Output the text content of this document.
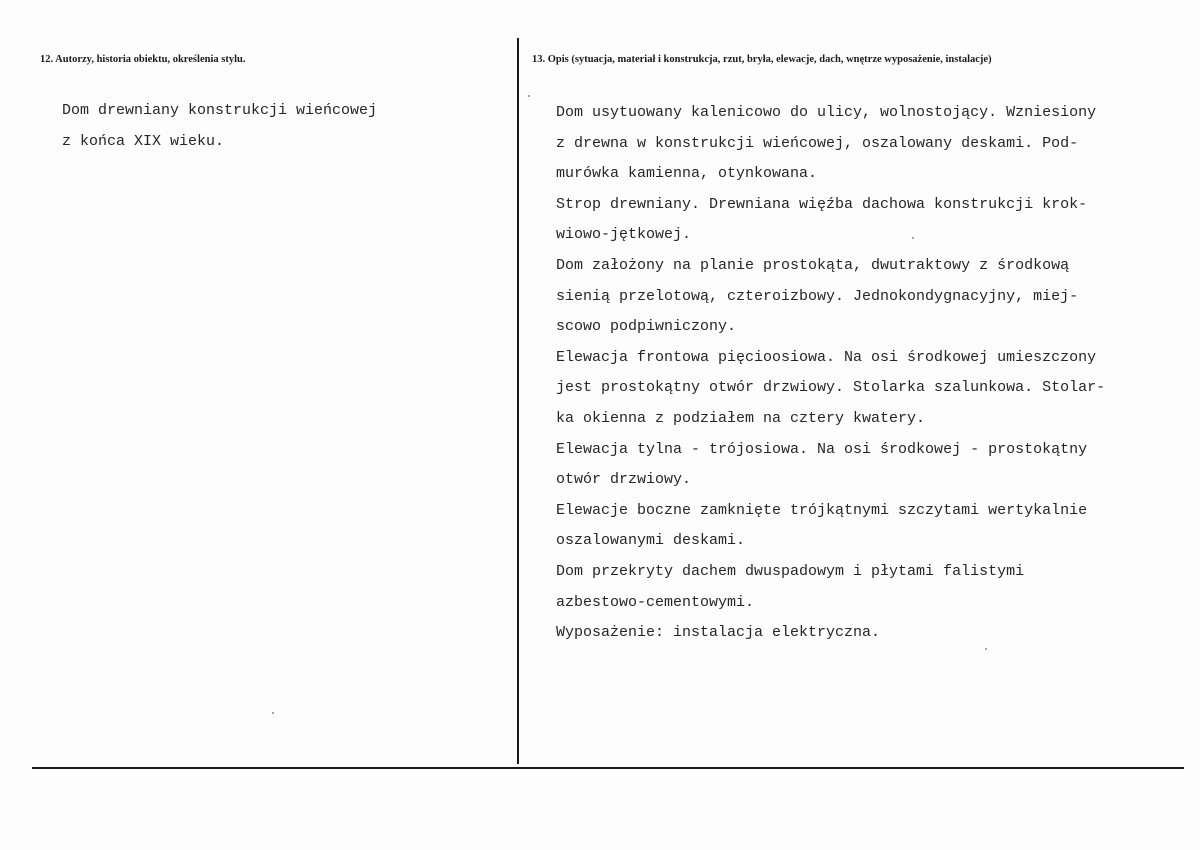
12. Autorzy, historia obiektu, określenia stylu.	13. Opis (sytuacja, materiał i konstrukcja, rzut, bryła, elewacje, dach, wnętrze wyposażenie, instalacje)
Dom drewniany konstrukcji wieńcowej
z końca XIX wieku.
Dom usytuowany kalenicowo do ulicy, wolnostojący. Wzniesiony
z drewna w konstrukcji wieńcowej, oszalowany deskami. Pod-
murówka kamienna, otynkowana.
Strop drewniany. Drewniana więźba dachowa konstrukcji krok-
wiowo-jętkowej.
Dom założony na planie prostokąta, dwutraktowy z środkową
sienią przelotową, czteroizbowy. Jednokondygnacyjny, miej-
scowo podpiwniczony.
Elewacja frontowa pięcioosiowa. Na osi środkowej umieszczony
jest prostokątny otwór drzwiowy. Stolarka szalunkowa. Stolar-
ka okienna z podziałem na cztery kwatery.
Elewacja tylna - trójosiowa. Na osi środkowej - prostokątny
otwór drzwiowy.
Elewacje boczne zamknięte trójkątnymi szczytami wertykalnie
oszalowanymi deskami.
Dom przekryty dachem dwuspadowym i płytami falistymi
azbestowo-cementowymi.
Wyposażenie: instalacja elektryczna.
